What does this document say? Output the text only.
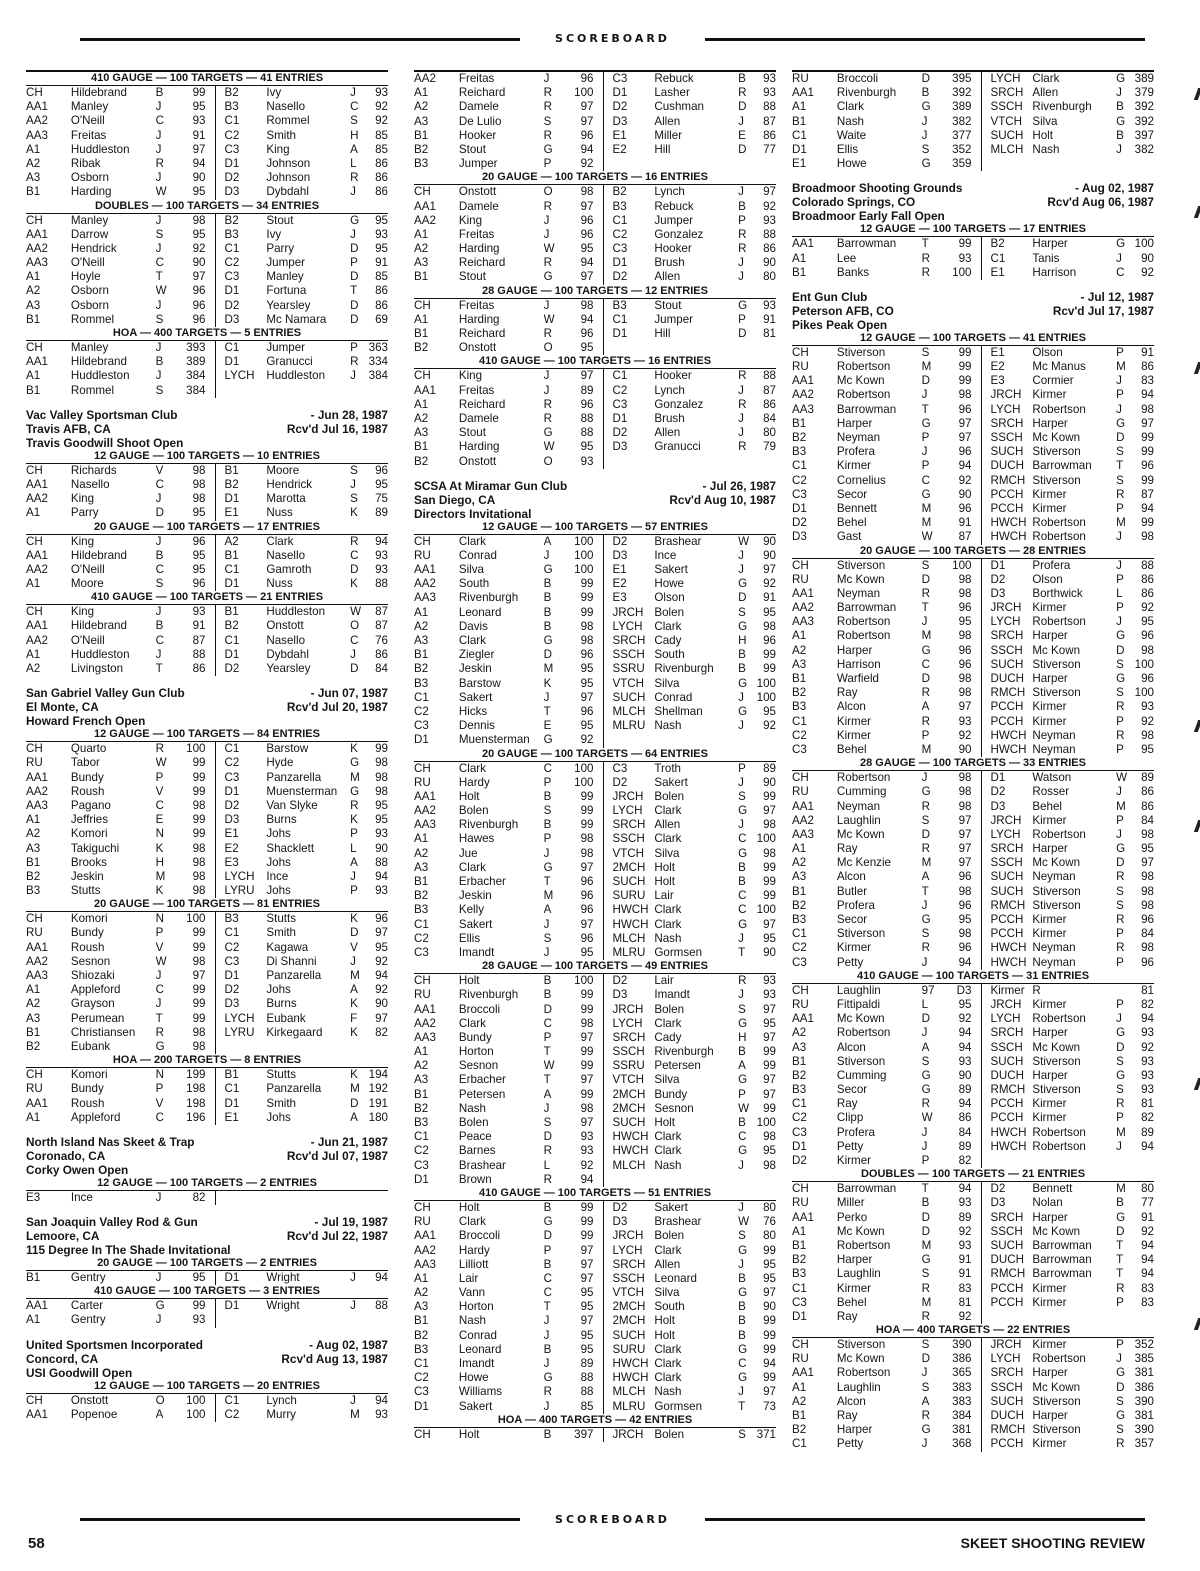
SCOREBOARD
410 GAUGE — 100 TARGETS — 41 ENTRIES
CH	Hildebrand	B	99	B2	Ivy	J	93
AA1	Manley	J	95	B3	Nasello	C	92
AA2	O'Neill	C	93	C1	Rommel	S	92
AA3	Freitas	J	91	C2	Smith	H	85
A1	Huddleston	J	97	C3	King	A	85
A2	Ribak	R	94	D1	Johnson	L	86
A3	Osborn	J	90	D2	Johnson	R	86
B1	Harding	W	95	D3	Dybdahl	J	86
DOUBLES — 100 TARGETS — 34 ENTRIES
CH	Manley	J	98	B2	Stout	G	95
AA1	Darrow	S	95	B3	Ivy	J	93
AA2	Hendrick	J	92	C1	Parry	D	95
AA3	O'Neill	C	90	C2	Jumper	P	91
A1	Hoyle	T	97	C3	Manley	D	85
A2	Osborn	W	96	D1	Fortuna	T	86
A3	Osborn	J	96	D2	Yearsley	D	86
B1	Rommel	S	96	D3	Mc Namara	D	69
HOA — 400 TARGETS — 5 ENTRIES
CH	Manley	J	393	C1	Jumper	P 363
AA1	Hildebrand	B	389	D1	Granucci	R 334
A1	Huddleston	J	384	LYCH	Huddleston	J	384
B1	Rommel	S	384
Vac Valley Sportsman Club	- Jun 28, 1987
Travis AFB, CA	Rcv'd Jul 16, 1987
Travis Goodwill Shoot Open
12 GAUGE — 100 TARGETS — 10 ENTRIES
CH	Richards	V	98	B1	Moore	S	96
AA1	Nasello	C	98	B2	Hendrick	J	95
AA2	King	J	98	D1	Marotta	S	75
A1	Parry	D	95	E1	Nuss	K	89
20 GAUGE — 100 TARGETS — 17 ENTRIES
CH	King	J	96	A2	Clark	R	94
AA1	Hildebrand	B	95	B1	Nasello	C	93
AA2	O'Neill	C	95	C1	Gamroth	D	93
A1	Moore	S	96	D1	Nuss	K	88
410 GAUGE — 100 TARGETS — 21 ENTRIES
CH	King	J	93	B1	Huddleston	W	87
AA1	Hildebrand	B	91	B2	Onstott	O	87
AA2	O'Neill	C	87	C1	Nasello	C	76
A1	Huddleston	J	88	D1	Dybdahl	J	86
A2	Livingston	T	86	D2	Yearsley	D	84
San Gabriel Valley Gun Club	- Jun 07, 1987
El Monte, CA	Rcv'd Jul 20, 1987
Howard French Open
12 GAUGE — 100 TARGETS — 84 ENTRIES
CH	Quarto	R	100	C1	Barstow	K	99
RU	Tabor	W	99	C2	Hyde	G	98
AA1	Bundy	P	99	C3	Panzarella	M	98
AA2	Roush	V	99	D1	Muensterman	G	98
AA3	Pagano	C	98	D2	Van Slyke	R	95
A1	Jeffries	E	99	D3	Burns	K	95
A2	Komori	N	99	E1	Johs	P	93
A3	Takiguchi	K	98	E2	Shacklett	L	90
B1	Brooks	H	98	E3	Johs	A	88
B2	Jeskin	M	98	LYCH	Ince	J	94
B3	Stutts	K	98	LYRU	Johs	P	93
20 GAUGE — 100 TARGETS — 81 ENTRIES
CH	Komori	N	100	B3	Stutts	K	96
RU	Bundy	P	99	C1	Smith	D	97
AA1	Roush	V	99	C2	Kagawa	V	95
AA2	Sesnon	W	98	C3	Di Shanni	J	92
AA3	Shiozaki	J	97	D1	Panzarella	M	94
A1	Appleford	C	99	D2	Johs	A	92
A2	Grayson	J	99	D3	Burns	K	90
A3	Perumean	T	99	LYCH	Eubank	F	97
B1	Christiansen	R	98	LYRU	Kirkegaard	K	82
B2	Eubank	G	98
HOA — 200 TARGETS — 8 ENTRIES
CH	Komori	N	199	B1	Stutts	K 194
RU	Bundy	P	198	C1	Panzarella	M 192
AA1	Roush	V	198	D1	Smith	D 191
A1	Appleford	C	196	E1	Johs	A 180
North Island Nas Skeet & Trap	- Jun 21, 1987
Coronado, CA	Rcv'd Jul 07, 1987
Corky Owen Open
12 GAUGE — 100 TARGETS — 2 ENTRIES
E3	Ince	J	82
San Joaquin Valley Rod & Gun	- Jul 19, 1987
Lemoore, CA	Rcv'd Jul 22, 1987
115 Degree In The Shade Invitational
20 GAUGE — 100 TARGETS — 2 ENTRIES
B1	Gentry	J	95	D1	Wright	J	94
410 GAUGE — 100 TARGETS — 3 ENTRIES
AA1	Carter	G	99	D1	Wright	J	88
A1	Gentry	J	93
United Sportsmen Incorporated	- Aug 02, 1987
Concord, CA	Rcv'd Aug 13, 1987
USI Goodwill Open
12 GAUGE — 100 TARGETS — 20 ENTRIES
CH	Onstott	O	100	C1	Lynch	J	94
AA1	Popenoe	A	100	C2	Murry	M	93
AA2	Freitas	J	96	C3	Rebuck	B	93
A1	Reichard	R	100	D1	Lasher	R	93
A2	Damele	R	97	D2	Cushman	D	88
A3	De Lulio	S	97	D3	Allen	J	87
B1	Hooker	R	96	E1	Miller	E	86
B2	Stout	G	94	E2	Hill	D	77
B3	Jumper	P	92
20 GAUGE — 100 TARGETS — 16 ENTRIES
CH	Onstott	O	98	B2	Lynch	J	97
AA1	Damele	R	97	B3	Rebuck	B	92
AA2	King	J	96	C1	Jumper	P	93
A1	Freitas	J	96	C2	Gonzalez	R	88
A2	Harding	W	95	C3	Hooker	R	86
A3	Reichard	R	94	D1	Brush	J	90
B1	Stout	G	97	D2	Allen	J	80
28 GAUGE — 100 TARGETS — 12 ENTRIES
CH	Freitas	J	98	B3	Stout	G	93
A1	Harding	W	94	C1	Jumper	P	91
B1	Reichard	R	96	D1	Hill	D	81
B2	Onstott	O	95
410 GAUGE — 100 TARGETS — 16 ENTRIES
CH	King	J	97	C1	Hooker	R	88
AA1	Freitas	J	89	C2	Lynch	J	87
A1	Reichard	R	96	C3	Gonzalez	R	86
A2	Damele	R	88	D1	Brush	J	84
A3	Stout	G	88	D2	Allen	J	80
B1	Harding	W	95	D3	Granucci	R	79
B2	Onstott	O	93
SCSA At Miramar Gun Club	- Jul 26, 1987
San Diego, CA	Rcv'd Aug 10, 1987
Directors Invitational
12 GAUGE — 100 TARGETS — 57 ENTRIES
CH	Clark	A	100	D2	Brashear	W	90
RU	Conrad	J	100	D3	Ince	J	90
AA1	Silva	G	100	E1	Sakert	J	97
AA2	South	B	99	E2	Howe	G	92
AA3	Rivenburgh	B	99	E3	Olson	D	91
A1	Leonard	B	99	JRCH Bolen	S	95
A2	Davis	B	98	LYCH	Clark	G	98
A3	Clark	G	98	SRCH Cady	H	96
B1	Ziegler	D	96	SSCH South	B	99
B2	Jeskin	M	95	SSRU Rivenburgh	B	99
B3	Barstow	K	95	VTCH Silva	G 100
C1	Sakert	J	97	SUCH Conrad	J	100
C2	Hicks	T	96	MLCH Shellman	G	95
C3	Dennis	E	95	MLRU Nash	J	92
D1	Muensterman	G	92
20 GAUGE — 100 TARGETS — 64 ENTRIES
CH	Clark	C	100	C3	Troth	P	89
RU	Hardy	P	100	D2	Sakert	J	90
AA1	Holt	B	99	JRCH Bolen	S	99
AA2	Bolen	S	99	LYCH	Clark	G	97
AA3	Rivenburgh	B	99	SRCH Allen	J	98
A1	Hawes	P	98	SSCH Clark	C 100
A2	Jue	J	98	VTCH Silva	G	98
A3	Clark	G	97	2MCH Holt	B	99
B1	Erbacher	T	96	SUCH Holt	B	99
B2	Jeskin	M	96	SURU Lair	C	99
B3	Kelly	A	96	HWCH Clark	C 100
C1	Sakert	J	97	HWCH Clark	G	97
C2	Ellis	S	96	MLCH Nash	J	95
C3	Imandt	J	95	MLRU Gormsen	T	90
28 GAUGE — 100 TARGETS — 49 ENTRIES
CH	Holt	B	100	D2	Lair	R	93
RU	Rivenburgh	B	99	D3	Imandt	J	93
AA1	Broccoli	D	99	JRCH Bolen	S	97
AA2	Clark	C	98	LYCH	Clark	G	95
AA3	Bundy	P	97	SRCH Cady	H	97
A1	Horton	T	99	SSCH Rivenburgh	B	99
A2	Sesnon	W	99	SSRU Petersen	A	99
A3	Erbacher	T	97	VTCH Silva	G	97
B1	Petersen	A	99	2MCH Bundy	P	97
B2	Nash	J	98	2MCH Sesnon	W	99
B3	Bolen	S	97	SUCH Holt	B 100
C1	Peace	D	93	HWCH Clark	C	98
C2	Barnes	R	93	HWCH Clark	G	95
C3	Brashear	L	92	MLCH Nash	J	98
D1	Brown	R	94
410 GAUGE — 100 TARGETS — 51 ENTRIES
CH	Holt	B	99	D2	Sakert	J	80
RU	Clark	G	99	D3	Brashear	W	76
AA1	Broccoli	D	99	JRCH Bolen	S	80
AA2	Hardy	P	97	LYCH	Clark	G	99
AA3	Lilliott	B	97	SRCH Allen	J	95
A1	Lair	C	97	SSCH Leonard	B	95
A2	Vann	C	95	VTCH Silva	G	97
A3	Horton	T	95	2MCH South	B	90
B1	Nash	J	97	2MCH Holt	B	99
B2	Conrad	J	95	SUCH Holt	B	99
B3	Leonard	B	95	SURU Clark	G	99
C1	Imandt	J	89	HWCH Clark	C	94
C2	Howe	G	88	HWCH Clark	G	99
C3	Williams	R	88	MLCH Nash	J	97
D1	Sakert	J	85	MLRU Gormsen	T	73
HOA — 400 TARGETS — 42 ENTRIES
CH	Holt	B	397	JRCH Bolen	S 371
RU	Broccoli	D	395	LYCH	Clark	G 389
AA1	Rivenburgh	B	392	SRCH Allen	J	379
A1	Clark	G	389	SSCH Rivenburgh	B 392
B1	Nash	J	382	VTCH Silva	G 392
C1	Waite	J	377	SUCH Holt	B 397
D1	Ellis	S	352	MLCH Nash	J	382
E1	Howe	G	359
Broadmoor Shooting Grounds	- Aug 02, 1987
Colorado Springs, CO	Rcv'd Aug 06, 1987
Broadmoor Early Fall Open
12 GAUGE — 100 TARGETS — 17 ENTRIES
AA1	Barrowman	T	99	B2	Harper	G 100
A1	Lee	R	93	C1	Tanis	J	90
B1	Banks	R	100	E1	Harrison	C	92
Ent Gun Club	- Jul 12, 1987
Peterson AFB, CO	Rcv'd Jul 17, 1987
Pikes Peak Open
12 GAUGE — 100 TARGETS — 41 ENTRIES
CH	Stiverson	S	99	E1	Olson	P	91
RU	Robertson	M	99	E2	Mc Manus	M	86
AA1	Mc Kown	D	99	E3	Cormier	J	83
AA2	Robertson	J	98	JRCH Kirmer	P	94
AA3	Barrowman	T	96	LYCH	Robertson	J	98
B1	Harper	G	97	SRCH Harper	G	97
B2	Neyman	P	97	SSCH Mc Kown	D	99
B3	Profera	J	96	SUCH Stiverson	S	99
C1	Kirmer	P	94	DUCH Barrowman	T	96
C2	Cornelius	C	92	RMCH Stiverson	S	99
C3	Secor	G	90	PCCH Kirmer	R	87
D1	Bennett	M	96	PCCH Kirmer	P	94
D2	Behel	M	91	HWCH Robertson	M	99
D3	Gast	W	87	HWCH Robertson	J	98
20 GAUGE — 100 TARGETS — 28 ENTRIES
CH	Stiverson	S	100	D1	Profera	J	88
RU	Mc Kown	D	98	D2	Olson	P	86
AA1	Neyman	R	98	D3	Borthwick	L	86
AA2	Barrowman	T	96	JRCH Kirmer	P	92
AA3	Robertson	J	95	LYCH	Robertson	J	95
A1	Robertson	M	98	SRCH Harper	G	96
A2	Harper	G	96	SSCH Mc Kown	D	98
A3	Harrison	C	96	SUCH Stiverson	S 100
B1	Warfield	D	98	DUCH Harper	G	96
B2	Ray	R	98	RMCH Stiverson	S 100
B3	Alcon	A	97	PCCH Kirmer	R	93
C1	Kirmer	R	93	PCCH Kirmer	P	92
C2	Kirmer	P	92	HWCH Neyman	R	98
C3	Behel	M	90	HWCH Neyman	P	95
28 GAUGE — 100 TARGETS — 33 ENTRIES
CH	Robertson	J	98	D1	Watson	W	89
RU	Cumming	G	98	D2	Rosser	J	86
AA1	Neyman	R	98	D3	Behel	M	86
AA2	Laughlin	S	97	JRCH Kirmer	P	84
AA3	Mc Kown	D	97	LYCH	Robertson	J	98
A1	Ray	R	97	SRCH Harper	G	95
A2	Mc Kenzie	M	97	SSCH Mc Kown	D	97
A3	Alcon	A	96	SUCH Neyman	R	98
B1	Butler	T	98	SUCH Stiverson	S	98
B2	Profera	J	96	RMCH Stiverson	S	98
B3	Secor	G	95	PCCH Kirmer	R	96
C1	Stiverson	S	98	PCCH Kirmer	P	84
C2	Kirmer	R	96	HWCH Neyman	R	98
C3	Petty	J	94	HWCH Neyman	P	96
410 GAUGE — 100 TARGETS — 31 ENTRIES
CH	Laughlin	97	D3	Kirmer R	81
RU	Fittipaldi	L	95	JRCH Kirmer	P	82
AA1	Mc Kown	D	92	LYCH	Robertson	J	94
A2	Robertson	J	94	SRCH Harper	G	93
A3	Alcon	A	94	SSCH Mc Kown	D	92
B1	Stiverson	S	93	SUCH Stiverson	S	93
B2	Cumming	G	90	DUCH Harper	G	93
B3	Secor	G	89	RMCH Stiverson	S	93
C1	Ray	R	94	PCCH Kirmer	R	81
C2	Clipp	W	86	PCCH Kirmer	P	82
C3	Profera	J	84	HWCH Robertson	M	89
D1	Petty	J	89	HWCH Robertson	J	94
D2	Kirmer	P	82
DOUBLES — 100 TARGETS — 21 ENTRIES
CH	Barrowman	T	94	D2	Bennett	M	80
RU	Miller	B	93	D3	Nolan	B	77
AA1	Perko	D	89	SRCH Harper	G	91
A1	Mc Kown	D	92	SSCH Mc Kown	D	92
B1	Robertson	M	93	SUCH Barrowman	T	94
B2	Harper	G	91	DUCH Barrowman	T	94
B3	Laughlin	S	91	RMCH Barrowman	T	94
C1	Kirmer	R	83	PCCH Kirmer	R	83
C3	Behel	M	81	PCCH Kirmer	P	83
D1	Ray	R	92
HOA — 400 TARGETS — 22 ENTRIES
CH	Stiverson	S	390	JRCH Kirmer	P 352
RU	Mc Kown	D	386	LYCH	Robertson	J	385
AA1	Robertson	J	365	SRCH Harper	G 381
A1	Laughlin	S	383	SSCH Mc Kown	D 386
A2	Alcon	A	383	SUCH Stiverson	S 390
B1	Ray	R	384	DUCH Harper	G 381
B2	Harper	G	381	RMCH Stiverson	S 390
C1	Petty	J	368	PCCH Kirmer	R 357
SCOREBOARD
58	SKEET SHOOTING REVIEW
